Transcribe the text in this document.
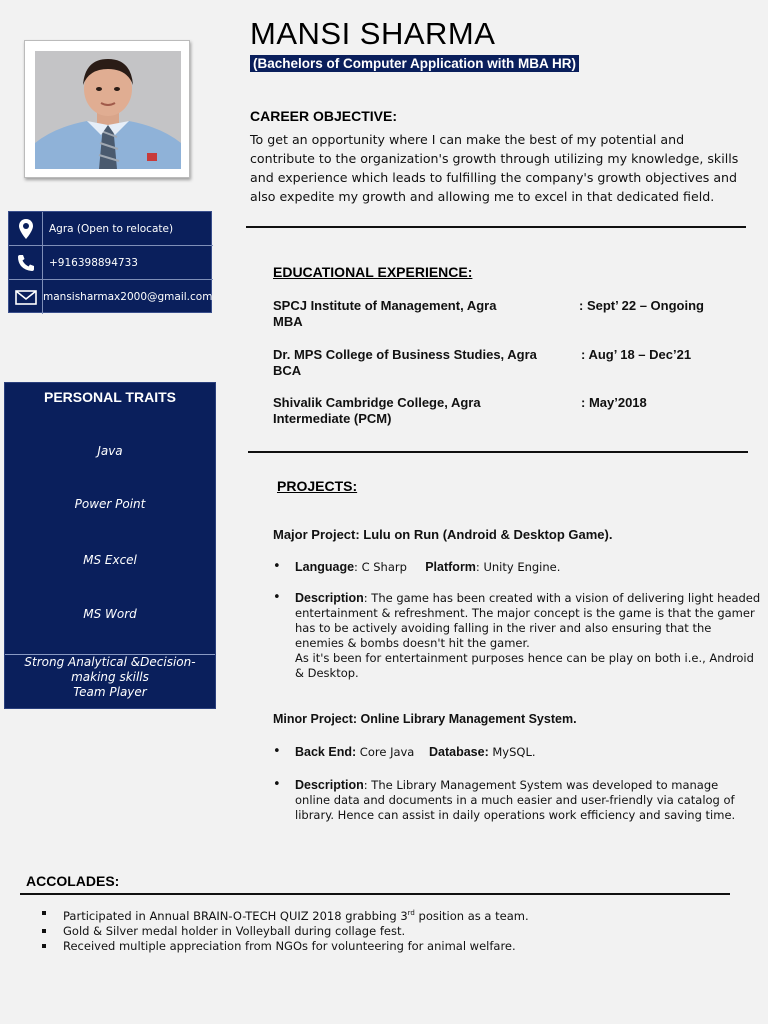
MANSI SHARMA
(Bachelors of Computer Application with MBA HR)
CAREER OBJECTIVE:
To get an opportunity where I can make the best of my potential and contribute to the organization's growth through utilizing my knowledge, skills and experience which leads to fulfilling the company's growth objectives and also expedite my growth and allowing me to excel in that dedicated field.
Agra (Open to relocate)
+916398894733
mansisharmax2000@gmail.com
PERSONAL TRAITS
Java
Power Point
MS Excel
MS Word
Strong Analytical &Decision-
making skills
Team Player
EDUCATIONAL EXPERIENCE:
SPCJ Institute of Management, Agra
MBA
: Sept’ 22 – Ongoing
Dr. MPS College of Business Studies, Agra
BCA
: Aug’ 18 – Dec’21
Shivalik Cambridge College, Agra
Intermediate (PCM)
: May’2018
PROJECTS:
Major Project: Lulu on Run (Android & Desktop Game).
• Language: C Sharp Platform: Unity Engine.
• Description: The game has been created with a vision of delivering light headed entertainment & refreshment. The major concept is the game is that the gamer has to be actively avoiding falling in the river and also ensuring that the enemies & bombs doesn't hit the gamer.
As it's been for entertainment purposes hence can be play on both i.e., Android & Desktop.
Minor Project: Online Library Management System.
• Back End: Core Java Database: MySQL.
• Description: The Library Management System was developed to manage online data and documents in a much easier and user-friendly via catalog of library. Hence can assist in daily operations work efficiency and saving time.
ACCOLADES:
Participated in Annual BRAIN-O-TECH QUIZ 2018 grabbing 3rd position as a team.
Gold & Silver medal holder in Volleyball during collage fest.
Received multiple appreciation from NGOs for volunteering for animal welfare.
